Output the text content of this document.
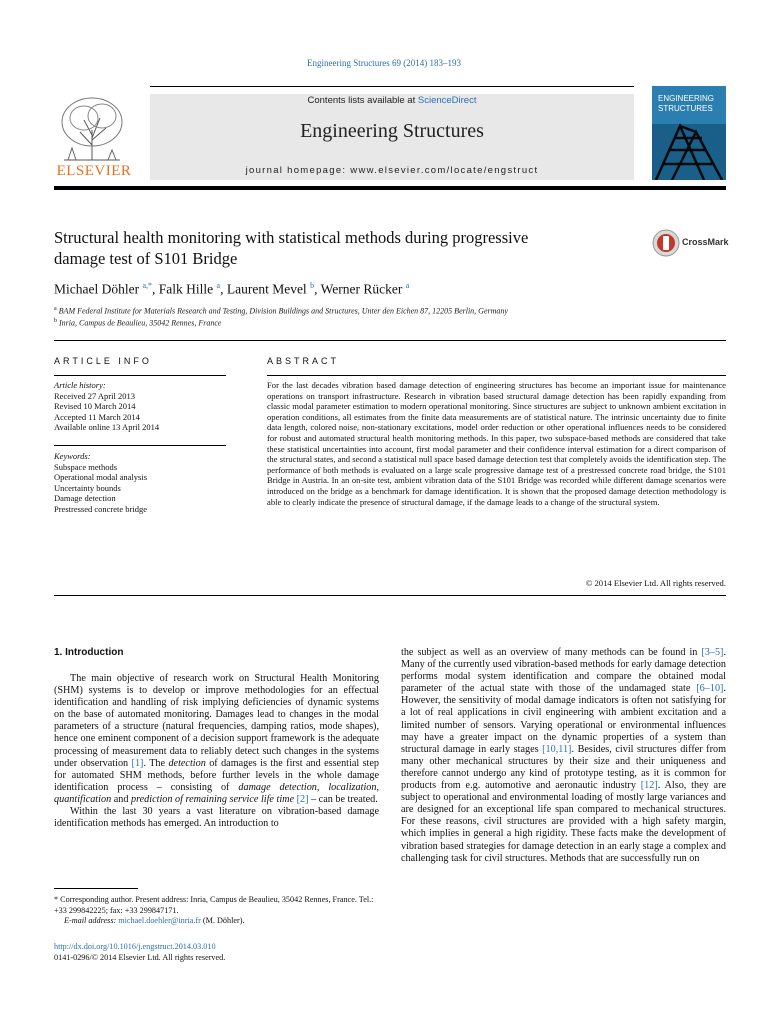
Engineering Structures 69 (2014) 183–193
ELSEVIER
Contents lists available at ScienceDirect
Engineering Structures
journal homepage: www.elsevier.com/locate/engstruct
ENGINEERING
STRUCTURES
Structural health monitoring with statistical methods during progressive
damage test of S101 Bridge
CrossMark
Michael Döhler $^{a,*}$, Falk Hille $^a$, Laurent Mevel $^b$, Werner Rücker $^a$
$^a$ BAM Federal Institute for Materials Research and Testing, Division Buildings and Structures, Unter den Eichen 87, 12205 Berlin, Germany
$^b$ Inria, Campus de Beaulieu, 35042 Rennes, France
ARTICLE INFO
Article history:
Received 27 April 2013
Revised 10 March 2014
Accepted 11 March 2014
Available online 13 April 2014
Keywords:
Subspace methods
Operational modal analysis
Uncertainty bounds
Damage detection
Prestressed concrete bridge
ABSTRACT
For the last decades vibration based damage detection of engineering structures has become an important issue for maintenance operations on transport infrastructure. Research in vibration based structural damage detection has been rapidly expanding from classic modal parameter estimation to modern operational monitoring. Since structures are subject to unknown ambient excitation in operation conditions, all estimates from the finite data measurements are of statistical nature. The intrinsic uncertainty due to finite data length, colored noise, non-stationary excitations, model order reduction or other operational influences needs to be considered for robust and automated structural health monitoring methods. In this paper, two subspace-based methods are considered that take these statistical uncertainties into account, first modal parameter and their confidence interval estimation for a direct comparison of the structural states, and second a statistical null space based damage detection test that completely avoids the identification step. The performance of both methods is evaluated on a large scale progressive damage test of a prestressed concrete road bridge, the S101 Bridge in Austria. In an on-site test, ambient vibration data of the S101 Bridge was recorded while different damage scenarios were introduced on the bridge as a benchmark for damage identification. It is shown that the proposed damage detection methodology is able to clearly indicate the presence of structural damage, if the damage leads to a change of the structural system.
© 2014 Elsevier Ltd. All rights reserved.
1. Introduction

The main objective of research work on Structural Health Monitoring (SHM) systems is to develop or improve methodologies for an effectual identification and handling of risk implying deficiencies of dynamic systems on the base of automated monitoring. Damages lead to changes in the modal parameters of a structure (natural frequencies, damping ratios, mode shapes), hence one eminent component of a decision support framework is the adequate processing of measurement data to reliably detect such changes in the systems under observation [1]. The detection of damages is the first and essential step for automated SHM methods, before further levels in the whole damage identification process – consisting of damage detection, localization, quantification and prediction of remaining service life time [2] – can be treated.

Within the last 30 years a vast literature on vibration-based damage identification methods has emerged. An introduction to

the subject as well as an overview of many methods can be found in [3–5]. Many of the currently used vibration-based methods for early damage detection performs modal system identification and compare the obtained modal parameter of the actual state with those of the undamaged state [6–10]. However, the sensitivity of modal damage indicators is often not satisfying for a lot of real applications in civil engineering with ambient excitation and a limited number of sensors. Varying operational or environmental influences may have a greater impact on the dynamic properties of a system than structural damage in early stages [10,11]. Besides, civil structures differ from many other mechanical structures by their size and their uniqueness and therefore cannot undergo any kind of prototype testing, as it is common for products from e.g. automotive and aeronautic industry [12]. Also, they are subject to operational and environmental loading of mostly large variances and are designed for an exceptional life span compared to mechanical structures. For these reasons, civil structures are provided with a high safety margin, which implies in general a high rigidity. These facts make the development of vibration based strategies for damage detection in an early stage a complex and challenging task for civil structures. Methods that are successfully run on
* Corresponding author. Present address: Inria, Campus de Beaulieu, 35042 Rennes, France. Tel.: +33 299842225; fax: +33 299847171.
E-mail address: michael.doehler@inria.fr (M. Döhler).
http://dx.doi.org/10.1016/j.engstruct.2014.03.010
0141-0296/© 2014 Elsevier Ltd. All rights reserved.
